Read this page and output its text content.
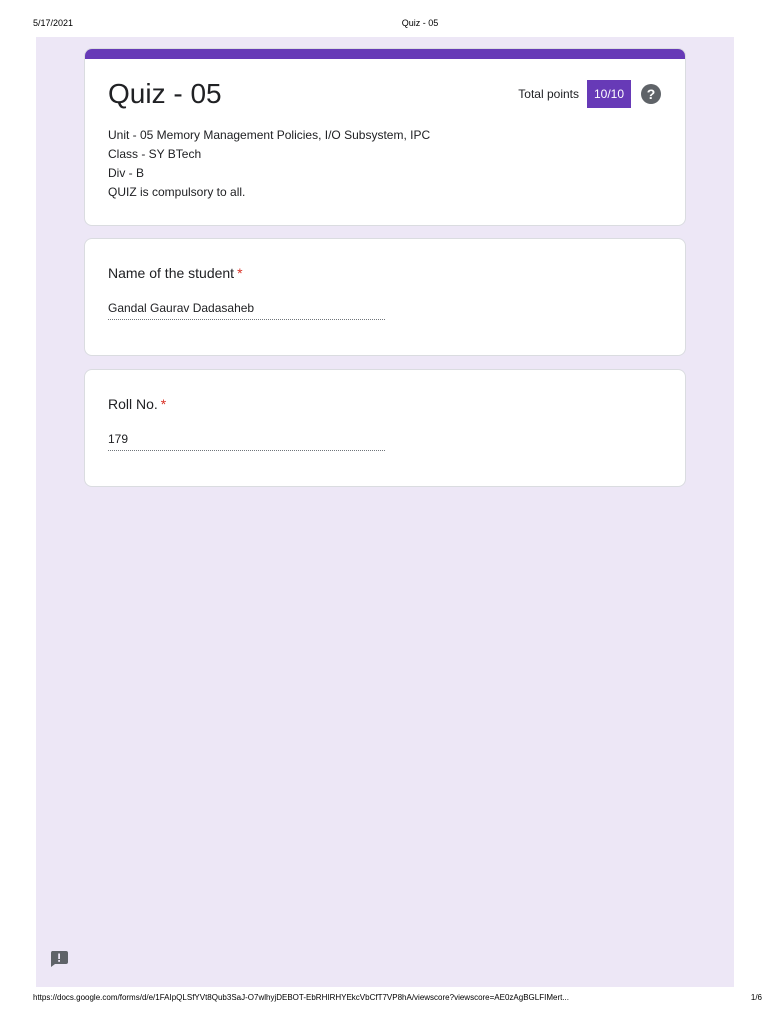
5/17/2021	Quiz - 05
Quiz - 05	Total points	10/10	?
Unit - 05 Memory Management Policies, I/O Subsystem, IPC
Class - SY BTech
Div - B
QUIZ is compulsory to all.
Name of the student *
Gandal Gaurav Dadasaheb
Roll No. *
179
https://docs.google.com/forms/d/e/1FAIpQLSfYVt8Qub3SaJ-O7wlhyjDEBOT-EbRHIRHYEkcVbCfT7VP8hA/viewscore?viewscore=AE0zAgBGLFIMert...	1/6
